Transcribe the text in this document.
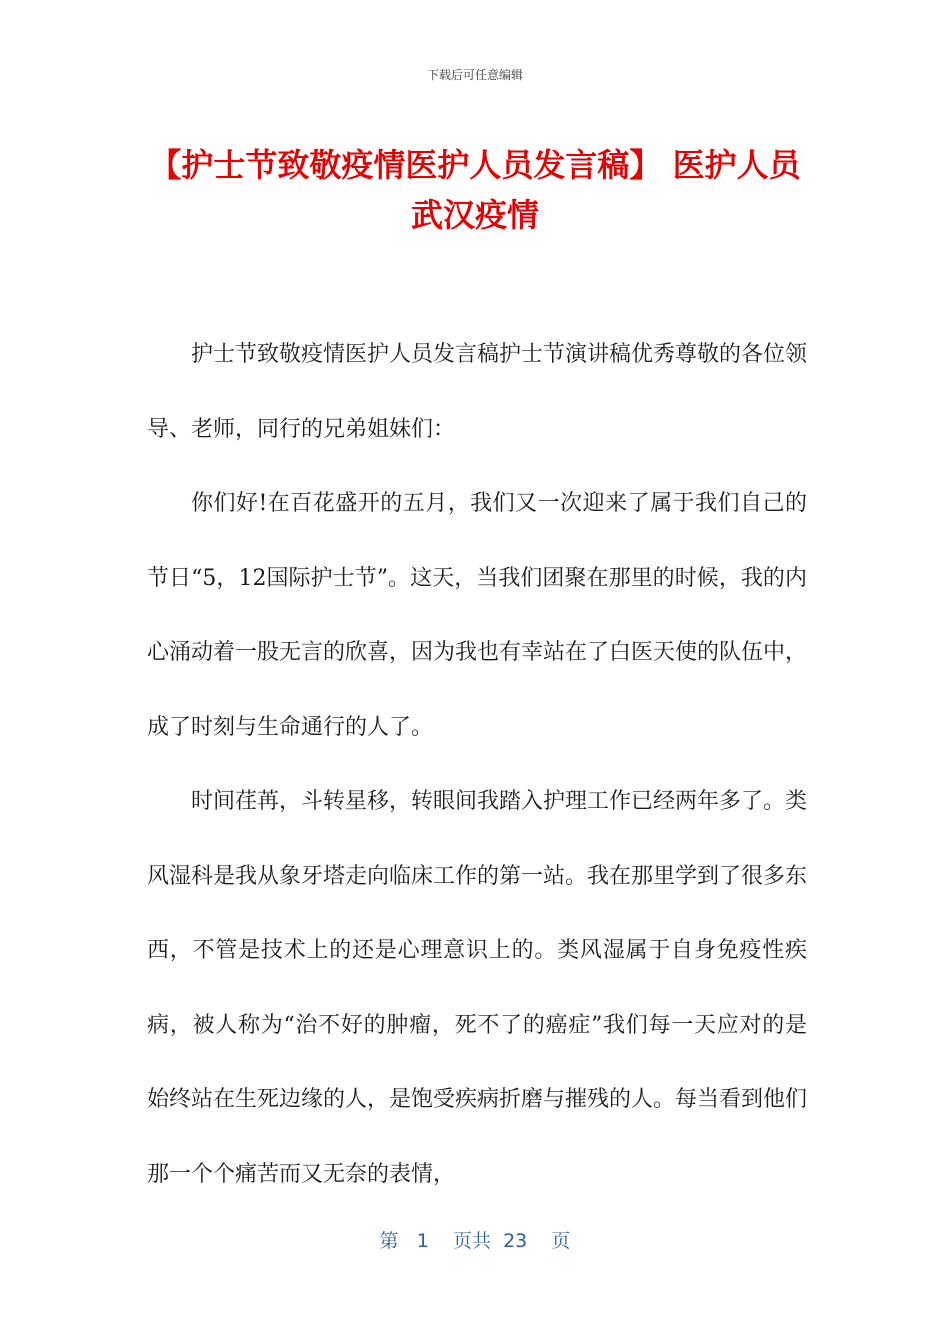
下载后可任意编辑
【护士节致敬疫情医护人员发言稿】 医护人员武汉疫情

护士节致敬疫情医护人员发言稿护士节演讲稿优秀尊敬的各位领导、老师，同行的兄弟姐妹们：

你们好!在百花盛开的五月，我们又一次迎来了属于我们自己的节日“5，12国际护士节”。这天，当我们团聚在那里的时候，我的内心涌动着一股无言的欣喜，因为我也有幸站在了白医天使的队伍中，成了时刻与生命通行的人了。

时间荏苒，斗转星移，转眼间我踏入护理工作已经两年多了。类风湿科是我从象牙塔走向临床工作的第一站。我在那里学到了很多东西，不管是技术上的还是心理意识上的。类风湿属于自身免疫性疾病，被人称为“治不好的肿瘤，死不了的癌症”我们每一天应对的是始终站在生死边缘的人，是饱受疾病折磨与摧残的人。每当看到他们那一个个痛苦而又无奈的表情，

第 1 页共 23 页
